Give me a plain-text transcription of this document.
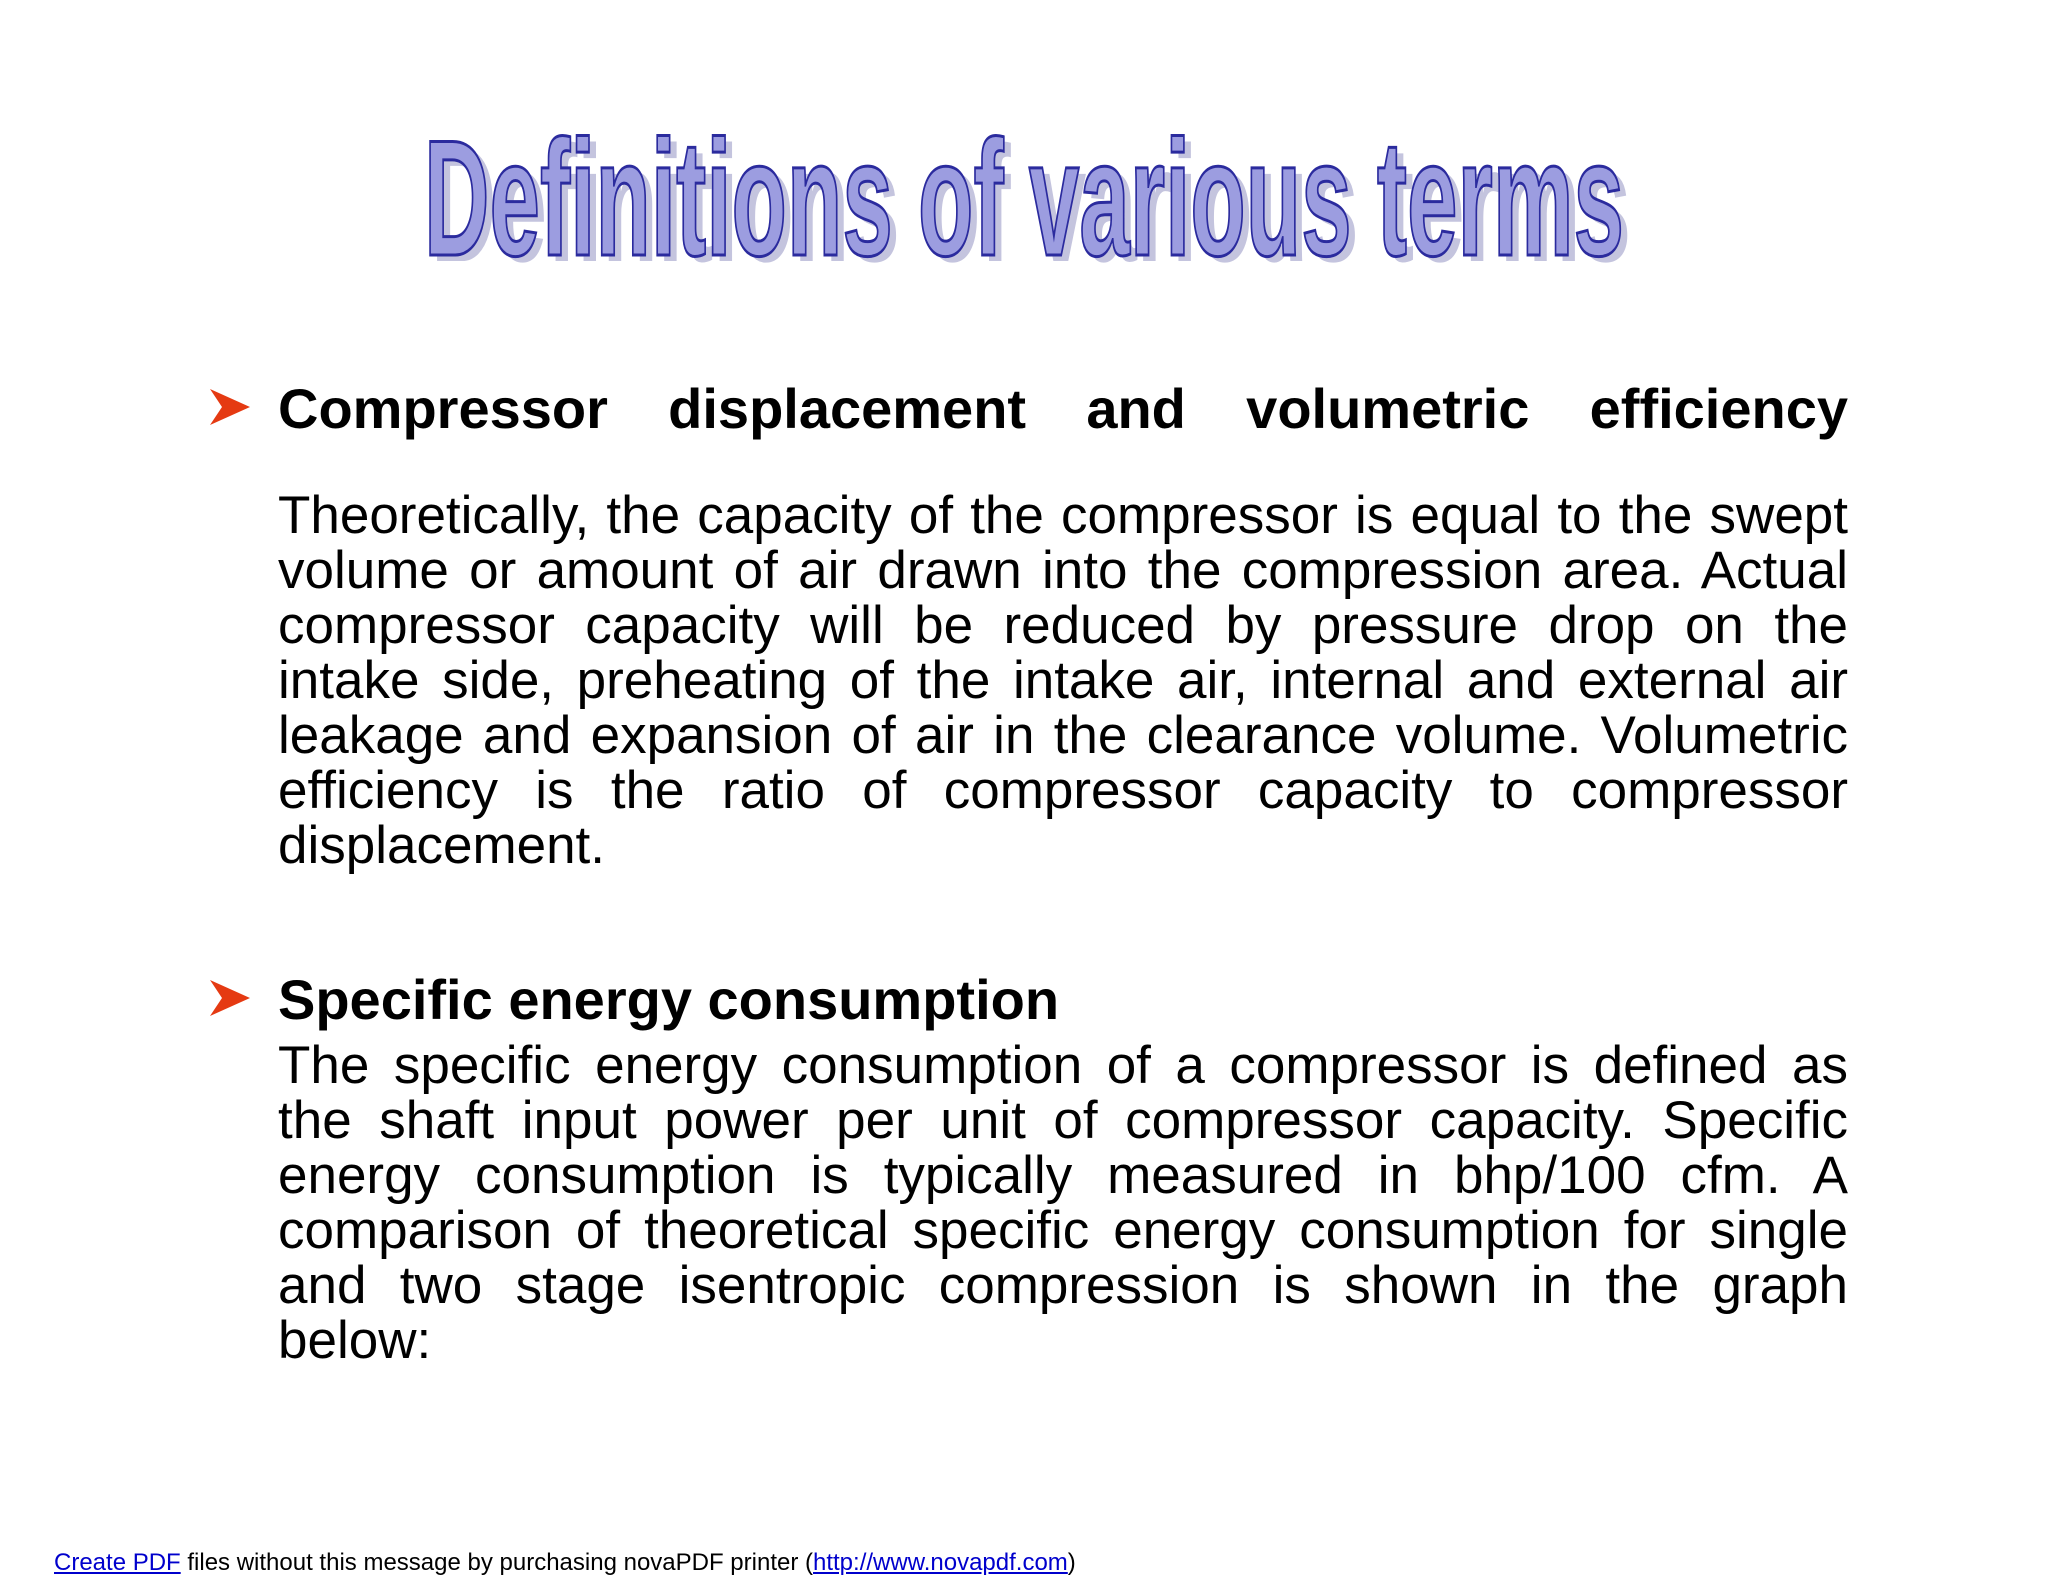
Definitions of various terms
Definitions of various terms
Compressor displacement and volumetric efficiency
Theoretically, the capacity of the compressor is equal to the swept volume or amount of air drawn into the compression area. Actual compressor capacity will be reduced by pressure drop on the intake side, preheating of the intake air, internal and external air leakage and expansion of air in the clearance volume. Volumetric efficiency is the ratio of compressor capacity to compressor displacement.
Specific energy consumption
The specific energy consumption of a compressor is defined as the shaft input power per unit of compressor capacity. Specific energy consumption is typically measured in bhp/100 cfm. A comparison of theoretical specific energy consumption for single and two stage isentropic compression is shown in the graph below:
Create PDF files without this message by purchasing novaPDF printer (http://www.novapdf.com)
